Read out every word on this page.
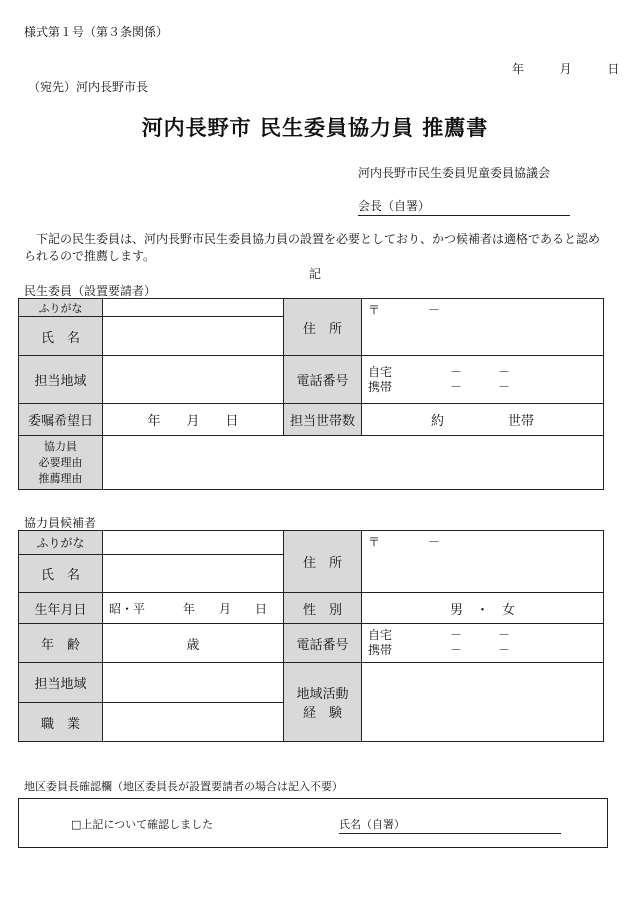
様式第１号（第３条関係）
年	月	日
（宛先）河内長野市長
河内長野市 民生委員協力員 推薦書
河内長野市民生委員児童委員協議会
会長（自署）
下記の民生委員は、河内長野市民生委員協力員の設置を必要としており、かつ候補者は適格であると認められるので推薦します。
記
民生委員（設置要請者）
ふりがな		住　所	〒　　　　－
氏　名			
担当地域		電話番号	自宅 －　　　－
携帯 －　　　－

委嘱希望日	年　　月　　日	担当世帯数	約 世帯

協力員
必要理由
推薦理由			

協力員候補者
ふりがな		住　所	〒　　　　－
氏　名			
生年月日	昭・平 年　　月　　日	性　別	男　・　女
年　齢	歳	電話番号	自宅 －　　　－
携帯 －　　　－

担当地域		地域活動
経　験	

職　業			
地区委員長確認欄（地区委員長が設置要請者の場合は記入不要）
□上記について確認しました	氏名（自署）
